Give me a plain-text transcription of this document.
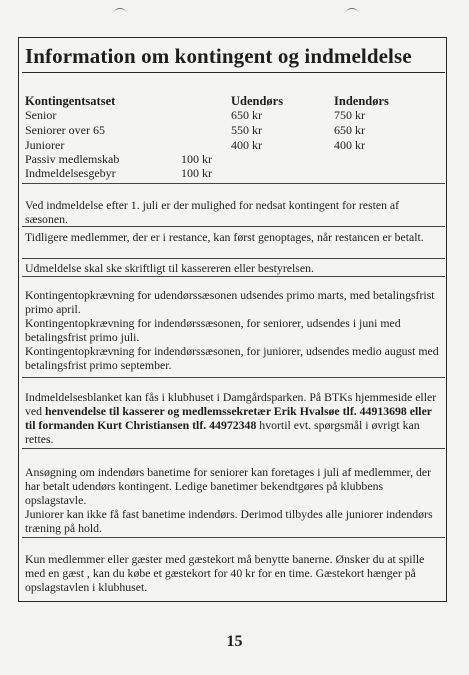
Information om kontingent og indmeldelse
Kontingentsatset	Udendørs	Indendørs
Senior	650 kr	750 kr
Seniorer over 65	550 kr	650 kr
Juniorer	400 kr	400 kr
Passiv medlemskab	100 kr
Indmeldelsesgebyr	100 kr
Ved indmeldelse efter 1. juli er der mulighed for nedsat kontingent for resten af sæsonen.
Tidligere medlemmer, der er i restance, kan først genoptages, når restancen er betalt.
Udmeldelse skal ske skriftligt til kassereren eller bestyrelsen.

Kontingentopkrævning for udendørssæsonen udsendes primo marts, med betalingsfrist primo april.

Kontingentopkrævning for indendørssæsonen, for seniorer, udsendes i juni med betalingsfrist primo juli.

Kontingentopkrævning for indendørssæsonen, for juniorer, udsendes medio august med betalingsfrist primo september.

Indmeldelsesblanket kan fås i klubhuset i Damgårdsparken. På BTKs hjemmeside eller ved henvendelse til kasserer og medlemssekretær Erik Hvalsøe tlf. 44913698 eller til formanden Kurt Christiansen tlf. 44972348 hvortil evt. spørgsmål i øvrigt kan rettes.

Ansøgning om indendørs banetime for seniorer kan foretages i juli af medlemmer, der har betalt udendørs kontingent. Ledige banetimer bekendtgøres på klubbens opslagstavle.

Juniorer kan ikke få fast banetime indendørs. Derimod tilbydes alle juniorer indendørs træning på hold.

Kun medlemmer eller gæster med gæstekort må benytte banerne. Ønsker du at spille med en gæst , kan du købe et gæstekort for 40 kr for en time. Gæstekort hænger på opslagstavlen i klubhuset.
15
